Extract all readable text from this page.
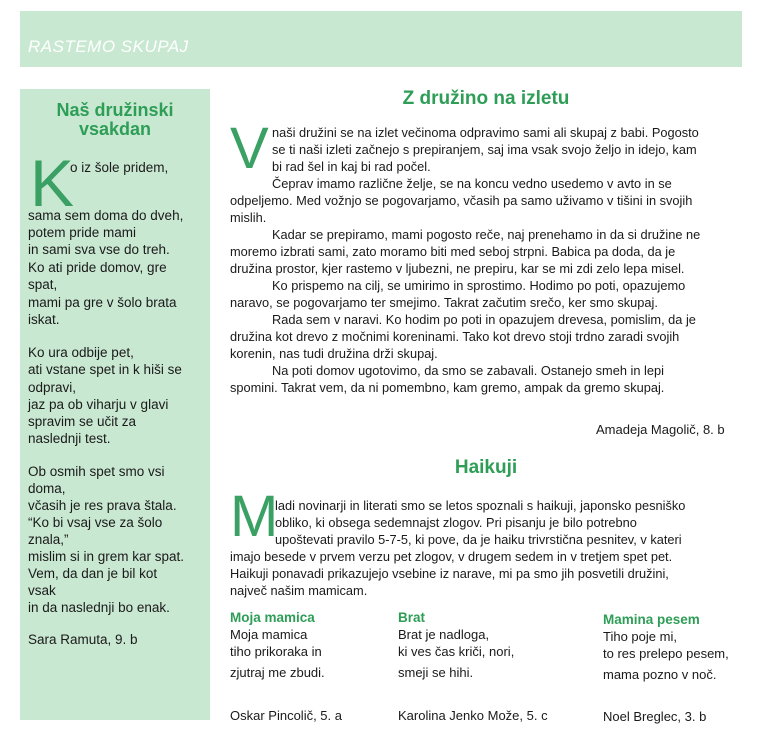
RASTEMO SKUPAJ
Naš družinski
vsakdan
K
o iz šole pridem,
sama sem doma do dveh,
potem pride mami
in sami sva vse do treh.
Ko ati pride domov, gre
spat,
mami pa gre v šolo brata
iskat.
Ko ura odbije pet,
ati vstane spet in k hiši se
odpravi,
jaz pa ob viharju v glavi
spravim se učit za
naslednji test.
Ob osmih spet smo vsi
doma,
včasih je res prava štala.
“Ko bi vsaj vse za šolo
znala,”
mislim si in grem kar spat.
Vem, da dan je bil kot
vsak
in da naslednji bo enak.
Sara Ramuta, 9. b
Z družino na izletu
V naši družini se na izlet večinoma odpravimo sami ali skupaj z babi. Pogosto
se ti naši izleti začnejo s prepiranjem, saj ima vsak svojo željo in idejo, kam
bi rad šel in kaj bi rad počel.
Čeprav imamo različne želje, se na koncu vedno usedemo v avto in se
odpeljemo. Med vožnjo se pogovarjamo, včasih pa samo uživamo v tišini in svojih
mislih.
Kadar se prepiramo, mami pogosto reče, naj prenehamo in da si družine ne
moremo izbrati sami, zato moramo biti med seboj strpni. Babica pa doda, da je
družina prostor, kjer rastemo v ljubezni, ne prepiru, kar se mi zdi zelo lepa misel.
Ko prispemo na cilj, se umirimo in sprostimo. Hodimo po poti, opazujemo
naravo, se pogovarjamo ter smejimo. Takrat začutim srečo, ker smo skupaj.
Rada sem v naravi. Ko hodim po poti in opazujem drevesa, pomislim, da je
družina kot drevo z močnimi koreninami. Tako kot drevo stoji trdno zaradi svojih
korenin, nas tudi družina drži skupaj.
Na poti domov ugotovimo, da smo se zabavali. Ostanejo smeh in lepi
spomini. Takrat vem, da ni pomembno, kam gremo, ampak da gremo skupaj.
Amadeja Magolič, 8. b
Haikuji
M
ladi novinarji in literati smo se letos spoznali s haikuji, japonsko pesniško
obliko, ki obsega sedemnajst zlogov. Pri pisanju je bilo potrebno
upoštevati pravilo 5-7-5, ki pove, da je haiku trivrstična pesnitev, v kateri
imajo besede v prvem verzu pet zlogov, v drugem sedem in v tretjem spet pet.
Haikuji ponavadi prikazujejo vsebine iz narave, mi pa smo jih posvetili družini,
največ našim mamicam.
Moja mamica
Moja mamica
tiho prikoraka in
zjutraj me zbudi.
Oskar Pincolič, 5. a
Brat
Brat je nadloga,
ki ves čas kriči, nori,
smeji se hihi.
Karolina Jenko Može, 5. c
Mamina pesem
Tiho poje mi,
to res prelepo pesem,
mama pozno v noč.
Noel Breglec, 3. b
